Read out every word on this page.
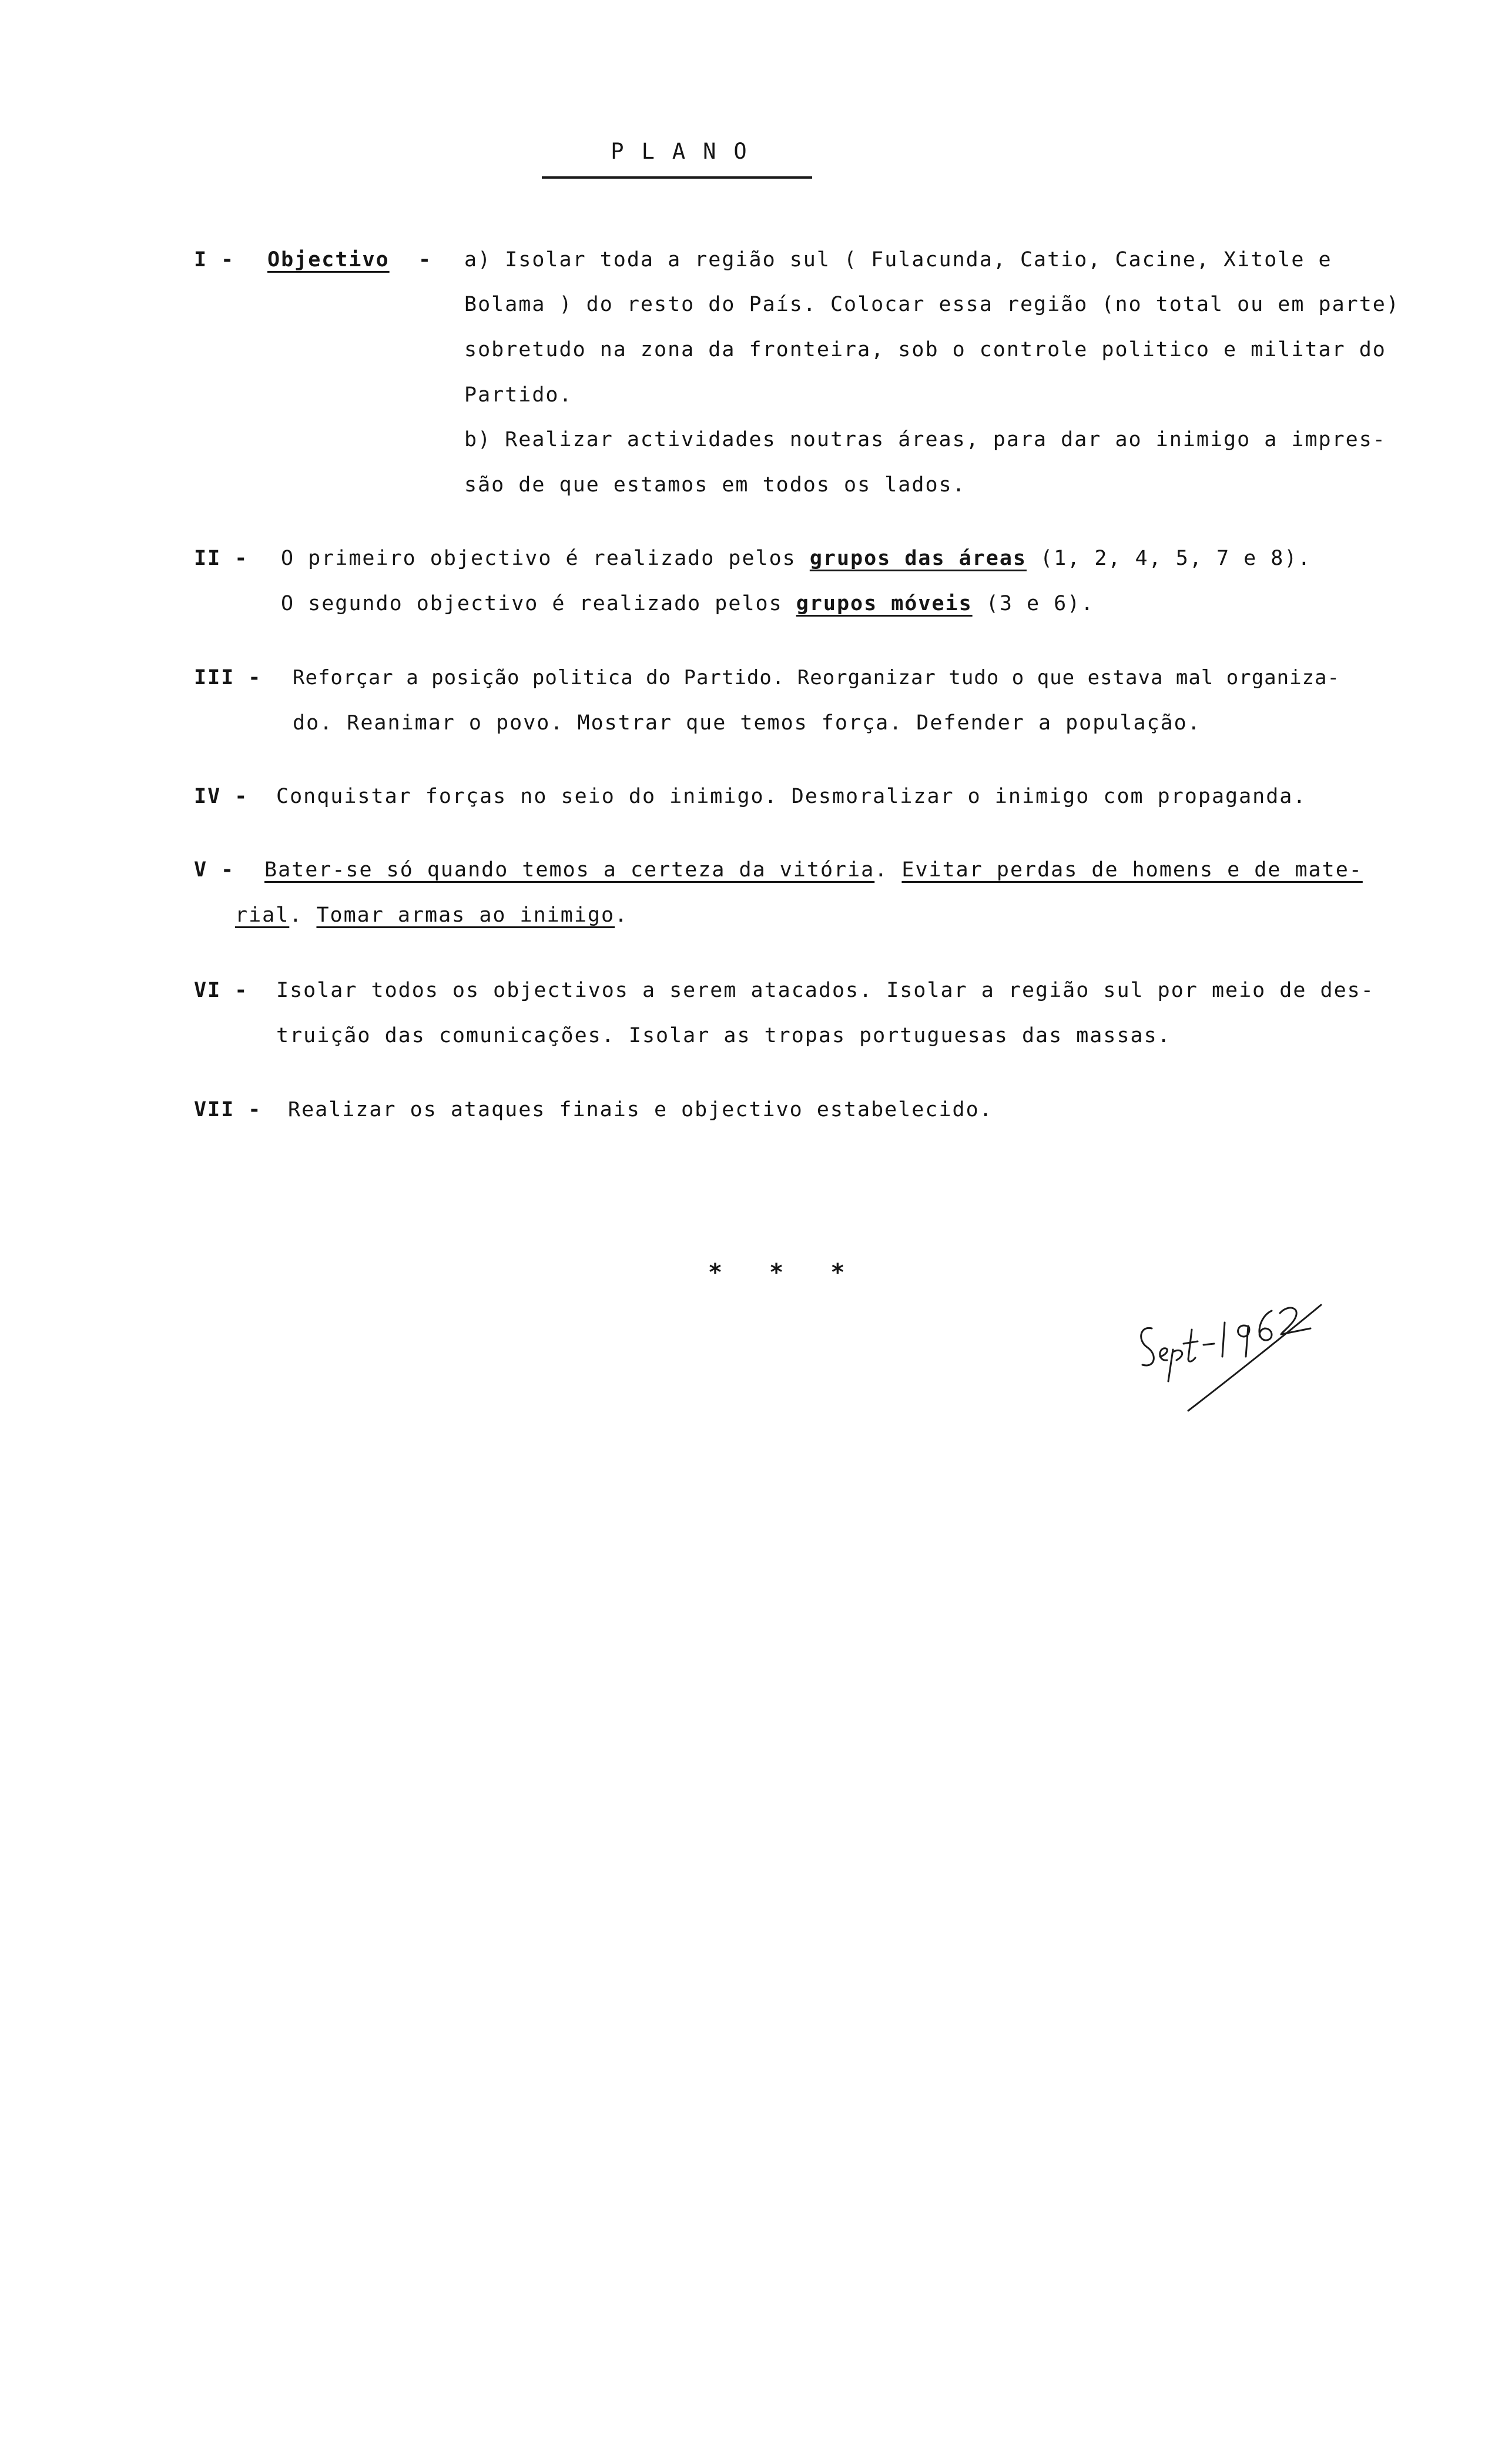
PLANO
I - Objectivo - a) Isolar toda a região sul ( Fulacunda, Catio, Cacine, Xitole e
Bolama ) do resto do País. Colocar essa região (no total ou em parte)
sobretudo na zona da fronteira, sob o controle politico e militar do
Partido.
b) Realizar actividades noutras áreas, para dar ao inimigo a impres-
são de que estamos em todos os lados.
II - O primeiro objectivo é realizado pelos grupos das áreas (1, 2, 4, 5, 7 e 8).
O segundo objectivo é realizado pelos grupos móveis (3 e 6).
III - Reforçar a posição politica do Partido. Reorganizar tudo o que estava mal organiza-
do. Reanimar o povo. Mostrar que temos força. Defender a população.
IV - Conquistar forças no seio do inimigo. Desmoralizar o inimigo com propaganda.
V - Bater-se só quando temos a certeza da vitória. Evitar perdas de homens e de mate-
rial. Tomar armas ao inimigo.
VI - Isolar todos os objectivos a serem atacados. Isolar a região sul por meio de des-
truição das comunicações. Isolar as tropas portuguesas das massas.
VII - Realizar os ataques finais e objectivo estabelecido.
* * *
